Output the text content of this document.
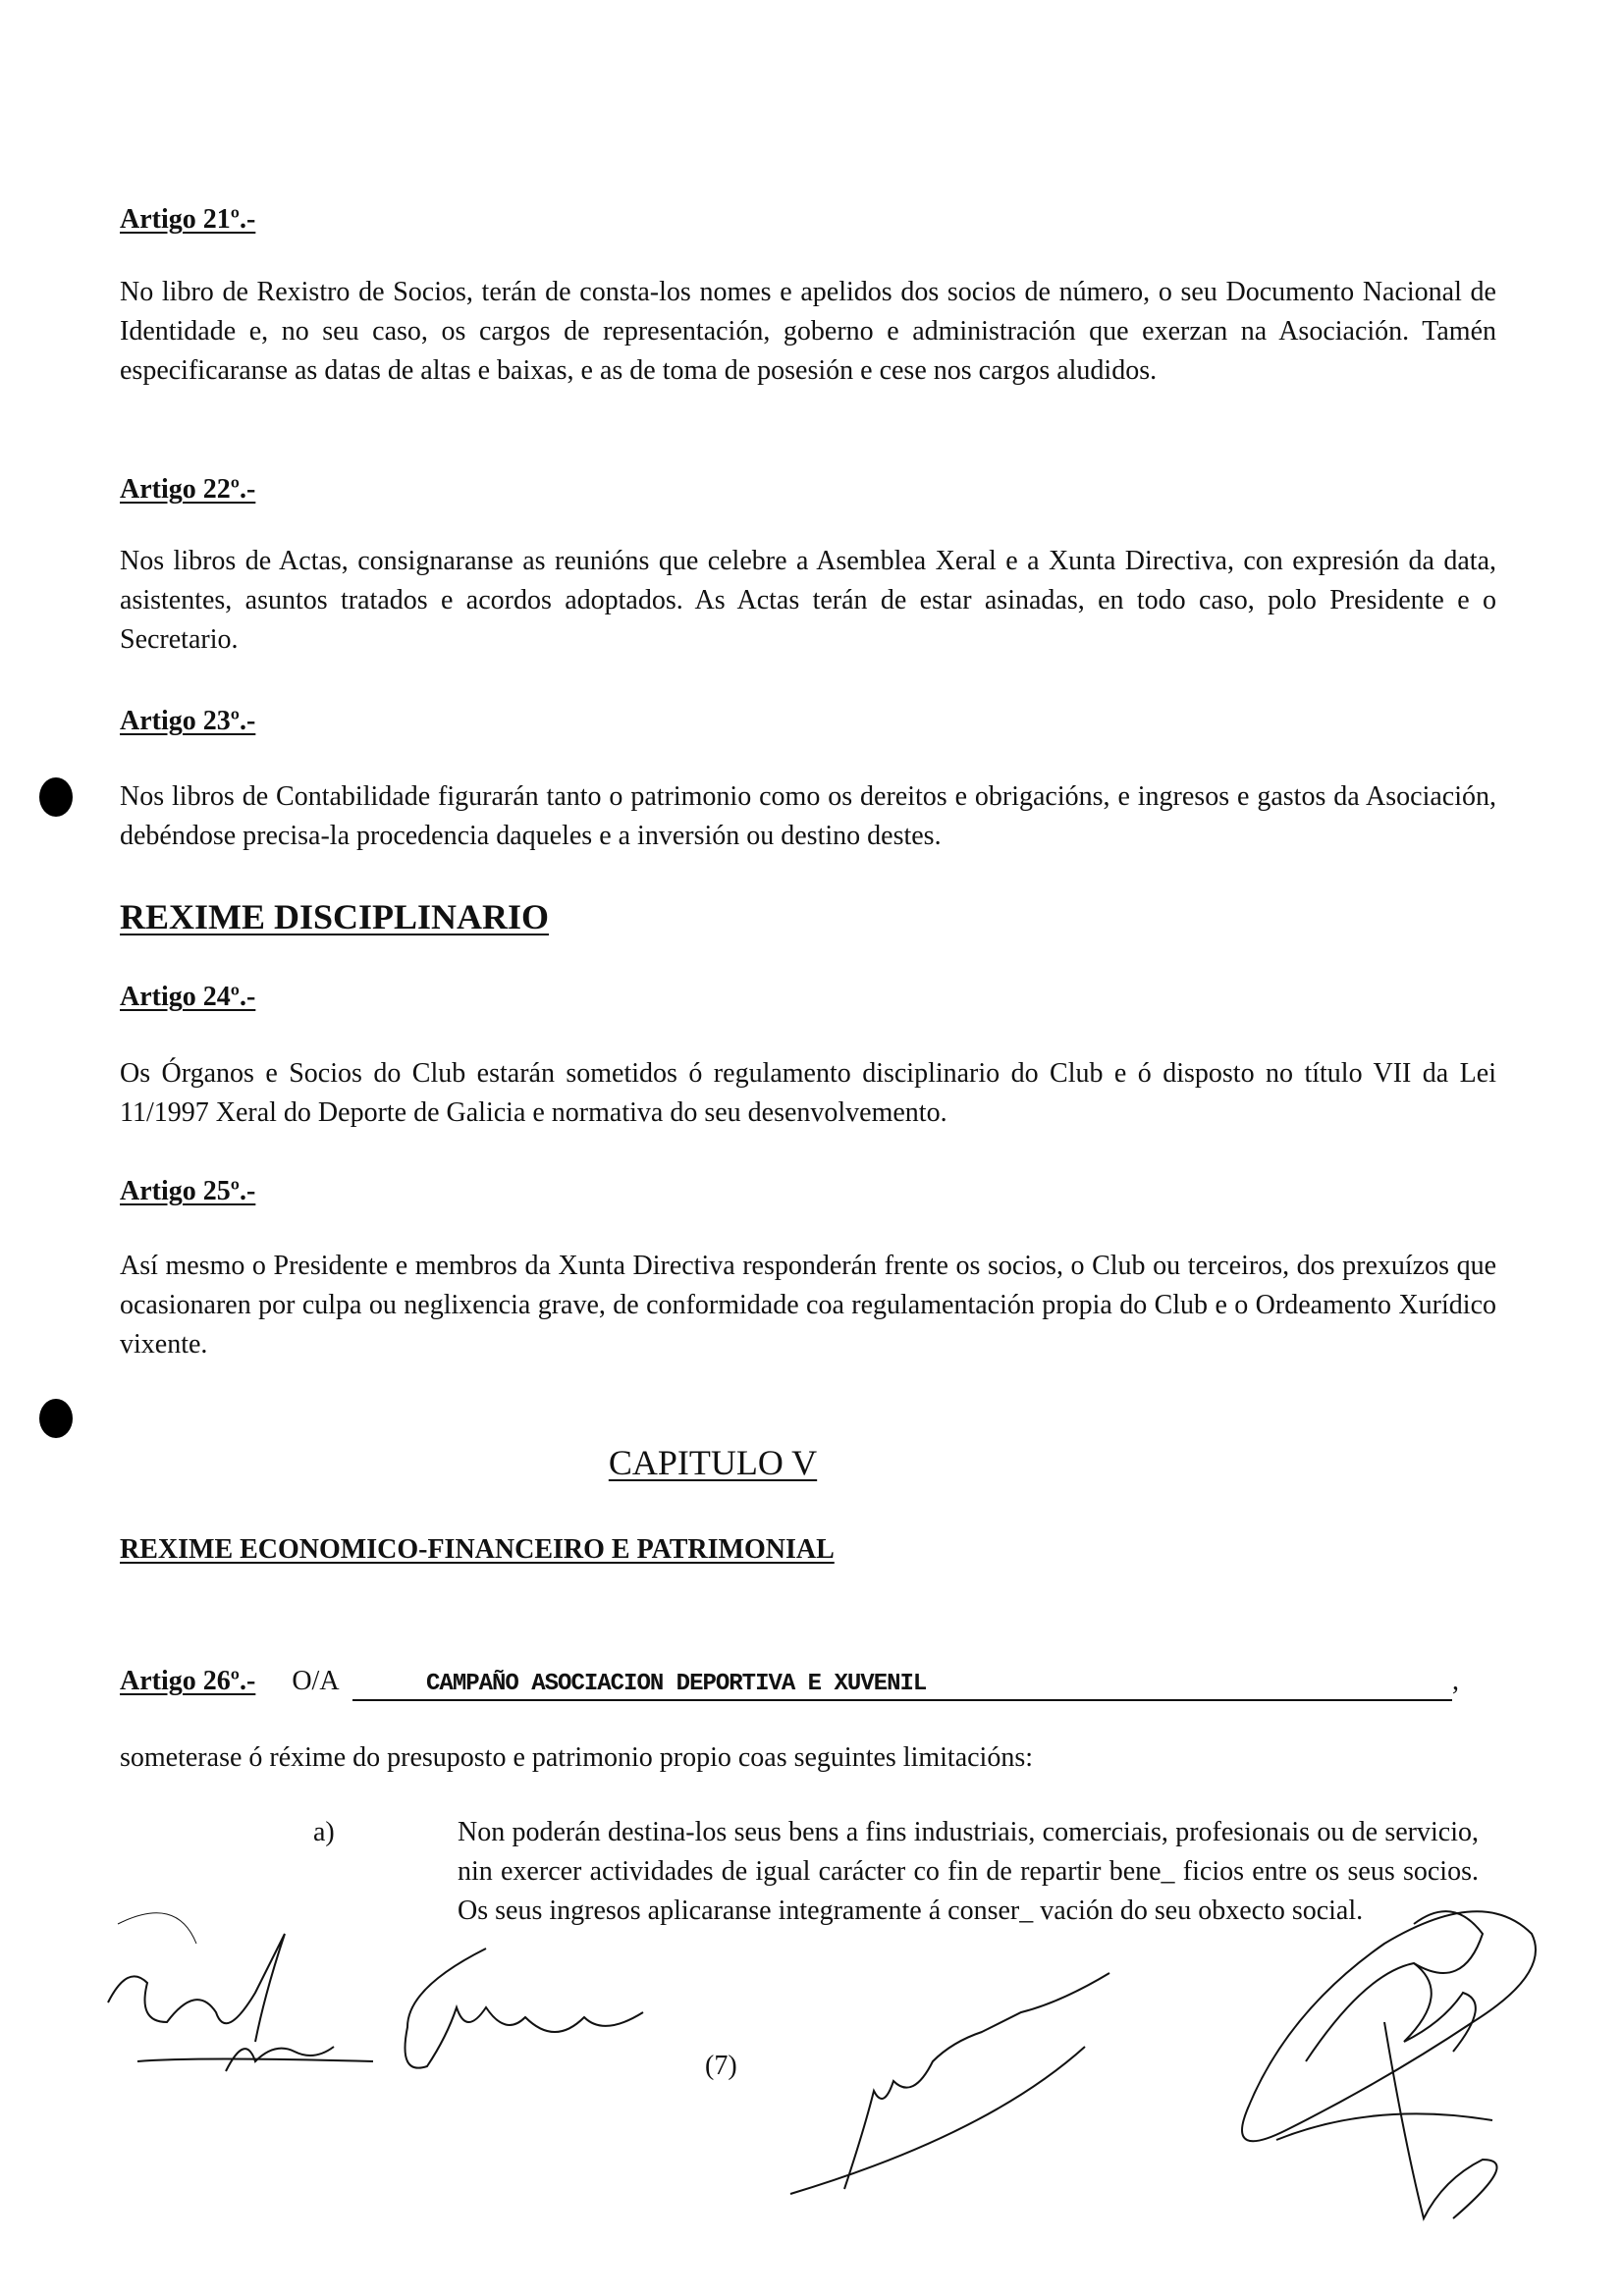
Artigo 21º.-
No libro de Rexistro de Socios, terán de consta-los nomes e apelidos dos socios de número, o seu Documento Nacional de Identidade e, no seu caso, os cargos de representación, goberno e administración que exerzan na Asociación. Tamén especificaranse as datas de altas e baixas, e as de toma de posesión e cese nos cargos aludidos.
Artigo 22º.-
Nos libros de Actas, consignaranse as reunións que celebre a Asemblea Xeral e a Xunta Directiva, con expresión da data, asistentes, asuntos tratados e acordos adoptados. As Actas terán de estar asinadas, en todo caso, polo Presidente e o Secretario.
Artigo 23º.-
Nos libros de Contabilidade figurarán tanto o patrimonio como os dereitos e obrigacións, e ingresos e gastos da Asociación, debéndose precisa-la procedencia daqueles e a inversión ou destino destes.
REXIME DISCIPLINARIO
Artigo 24º.-
Os Órganos e Socios do Club estarán sometidos ó regulamento disciplinario do Club e ó disposto no título VII da Lei 11/1997 Xeral do Deporte de Galicia e normativa do seu desenvolvemento.
Artigo 25º.-
Así mesmo o Presidente e membros da Xunta Directiva responderán frente os socios, o Club ou terceiros, dos prexuízos que ocasionaren por culpa ou neglixencia grave, de conformidade coa regulamentación propia do Club e o Ordeamento Xurídico vixente.
CAPITULO V
REXIME ECONOMICO-FINANCEIRO E PATRIMONIAL
Artigo 26º.- O/A	CAMPAÑO ASOCIACION DEPORTIVA E XUVENIL	,
someterase ó réxime do presuposto e patrimonio propio coas seguintes limitacións:
a)	Non poderán destina-los seus bens a fins industriais, comerciais, profesionais ou de servicio, nin exercer actividades de igual carácter co fin de repartir bene_ ficios entre os seus socios. Os seus ingresos aplicaranse integramente á conser_ vación do seu obxecto social.
(7)
